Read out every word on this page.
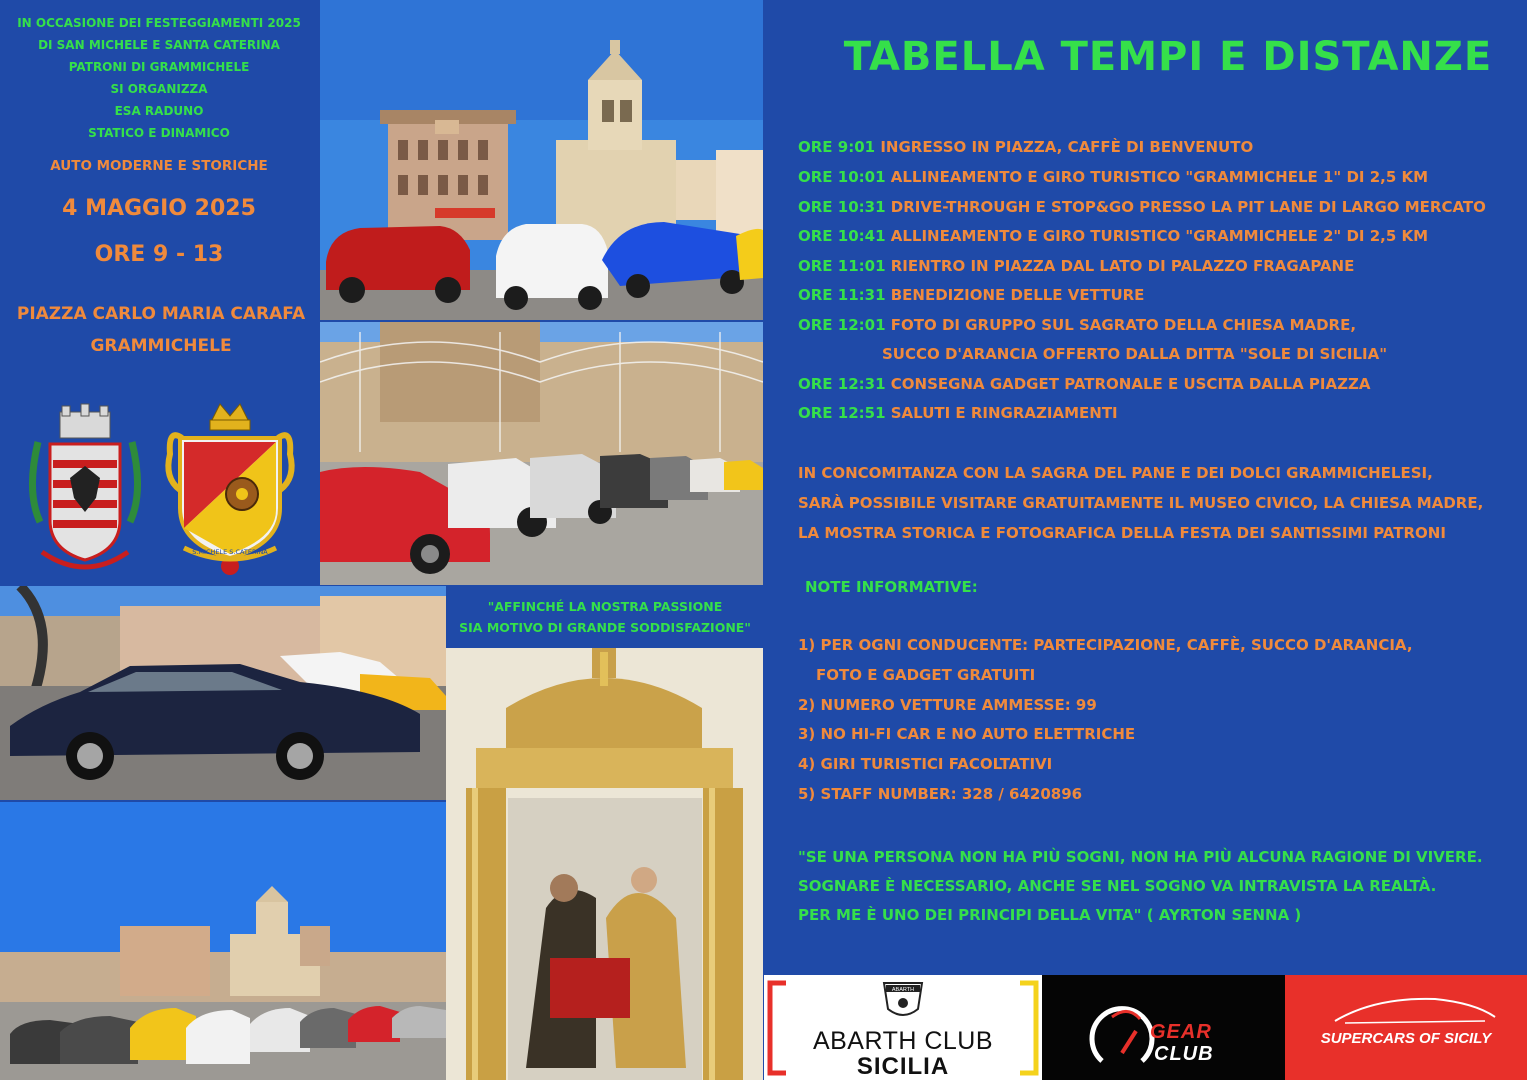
IN OCCASIONE DEI FESTEGGIAMENTI 2025
DI SAN MICHELE E SANTA CATERINA
PATRONI DI GRAMMICHELE
SI ORGANIZZA
ESA RADUNO
STATICO E DINAMICO
AUTO MODERNE E STORICHE
4 MAGGIO 2025
ORE 9 - 13
PIAZZA CARLO MARIA CARAFA
GRAMMICHELE
S.MICHELE S.CATERINA
"AFFINCHÉ LA NOSTRA PASSIONE
SIA MOTIVO DI GRANDE SODDISFAZIONE"
TABELLA TEMPI E DISTANZE
ORE 9:01 INGRESSO IN PIAZZA, CAFFÈ DI BENVENUTO
ORE 10:01 ALLINEAMENTO E GIRO TURISTICO "GRAMMICHELE 1" DI 2,5 KM
ORE 10:31 DRIVE-THROUGH E STOP&GO PRESSO LA PIT LANE DI LARGO MERCATO
ORE 10:41 ALLINEAMENTO E GIRO TURISTICO "GRAMMICHELE 2" DI 2,5 KM
ORE 11:01 RIENTRO IN PIAZZA DAL LATO DI PALAZZO FRAGAPANE
ORE 11:31 BENEDIZIONE DELLE VETTURE
ORE 12:01 FOTO DI GRUPPO SUL SAGRATO DELLA CHIESA MADRE,
SUCCO D'ARANCIA OFFERTO DALLA DITTA "SOLE DI SICILIA"
ORE 12:31 CONSEGNA GADGET PATRONALE E USCITA DALLA PIAZZA
ORE 12:51 SALUTI E RINGRAZIAMENTI
IN CONCOMITANZA CON LA SAGRA DEL PANE E DEI DOLCI GRAMMICHELESI,
SARÀ POSSIBILE VISITARE GRATUITAMENTE IL MUSEO CIVICO, LA CHIESA MADRE,
LA MOSTRA STORICA E FOTOGRAFICA DELLA FESTA DEI SANTISSIMI PATRONI
NOTE INFORMATIVE:
1) PER OGNI CONDUCENTE: PARTECIPAZIONE, CAFFÈ, SUCCO D'ARANCIA,
FOTO E GADGET GRATUITI
2) NUMERO VETTURE AMMESSE: 99
3) NO HI-FI CAR E NO AUTO ELETTRICHE
4) GIRI TURISTICI FACOLTATIVI
5) STAFF NUMBER: 328 / 6420896
"SE UNA PERSONA NON HA PIÙ SOGNI, NON HA PIÙ ALCUNA RAGIONE DI VIVERE.
SOGNARE È NECESSARIO, ANCHE SE NEL SOGNO VA INTRAVISTA LA REALTÀ.
PER ME È UNO DEI PRINCIPI DELLA VITA" ( AYRTON SENNA )
ABARTH
ABARTH CLUB
SICILIA
GEAR
CLUB
SUPERCARS OF SICILY
